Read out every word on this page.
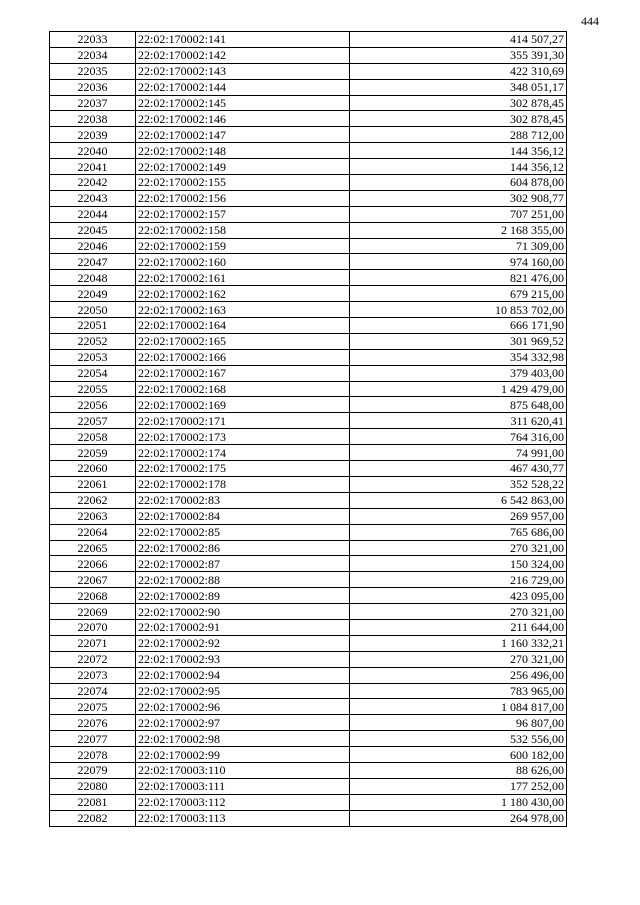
444
22033	22:02:170002:141	414 507,27
22034	22:02:170002:142	355 391,30
22035	22:02:170002:143	422 310,69
22036	22:02:170002:144	348 051,17
22037	22:02:170002:145	302 878,45
22038	22:02:170002:146	302 878,45
22039	22:02:170002:147	288 712,00
22040	22:02:170002:148	144 356,12
22041	22:02:170002:149	144 356,12
22042	22:02:170002:155	604 878,00
22043	22:02:170002:156	302 908,77
22044	22:02:170002:157	707 251,00
22045	22:02:170002:158	2 168 355,00
22046	22:02:170002:159	71 309,00
22047	22:02:170002:160	974 160,00
22048	22:02:170002:161	821 476,00
22049	22:02:170002:162	679 215,00
22050	22:02:170002:163	10 853 702,00
22051	22:02:170002:164	666 171,90
22052	22:02:170002:165	301 969,52
22053	22:02:170002:166	354 332,98
22054	22:02:170002:167	379 403,00
22055	22:02:170002:168	1 429 479,00
22056	22:02:170002:169	875 648,00
22057	22:02:170002:171	311 620,41
22058	22:02:170002:173	764 316,00
22059	22:02:170002:174	74 991,00
22060	22:02:170002:175	467 430,77
22061	22:02:170002:178	352 528,22
22062	22:02:170002:83	6 542 863,00
22063	22:02:170002:84	269 957,00
22064	22:02:170002:85	765 686,00
22065	22:02:170002:86	270 321,00
22066	22:02:170002:87	150 324,00
22067	22:02:170002:88	216 729,00
22068	22:02:170002:89	423 095,00
22069	22:02:170002:90	270 321,00
22070	22:02:170002:91	211 644,00
22071	22:02:170002:92	1 160 332,21
22072	22:02:170002:93	270 321,00
22073	22:02:170002:94	256 496,00
22074	22:02:170002:95	783 965,00
22075	22:02:170002:96	1 084 817,00
22076	22:02:170002:97	96 807,00
22077	22:02:170002:98	532 556,00
22078	22:02:170002:99	600 182,00
22079	22:02:170003:110	88 626,00
22080	22:02:170003:111	177 252,00
22081	22:02:170003:112	1 180 430,00
22082	22:02:170003:113	264 978,00
